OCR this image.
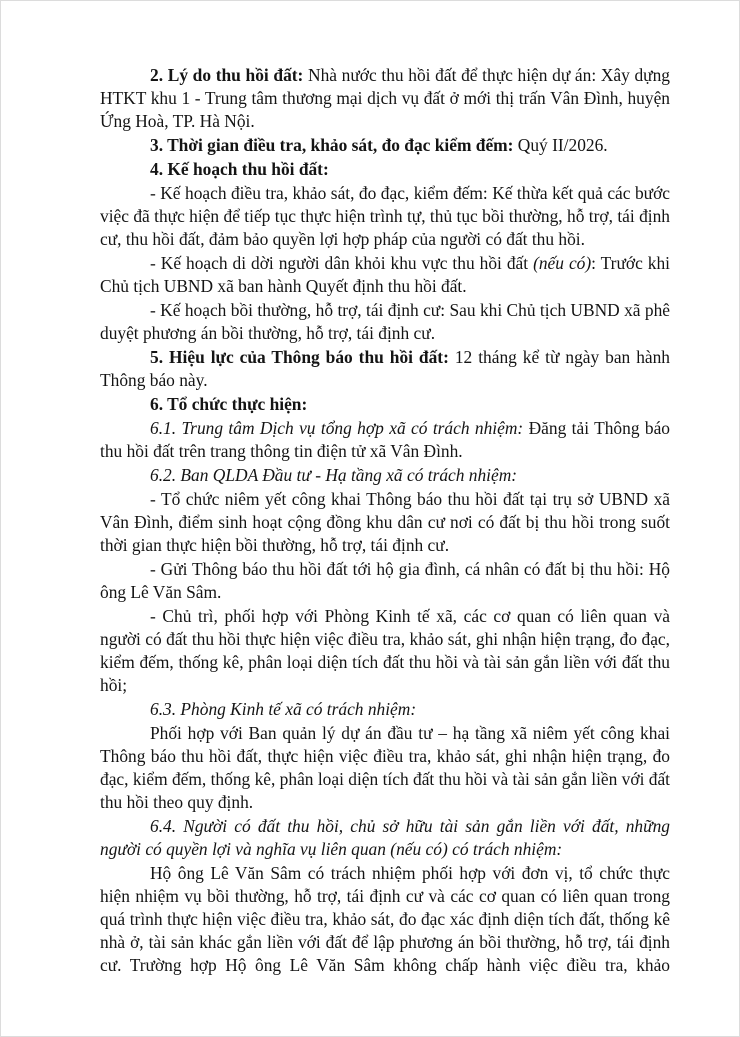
2. Lý do thu hồi đất: Nhà nước thu hồi đất để thực hiện dự án: Xây dựng HTKT khu 1 - Trung tâm thương mại dịch vụ đất ở mới thị trấn Vân Đình, huyện Ứng Hoà, TP. Hà Nội.

3. Thời gian điều tra, khảo sát, đo đạc kiểm đếm: Quý II/2026.

4. Kế hoạch thu hồi đất:

- Kế hoạch điều tra, khảo sát, đo đạc, kiểm đếm: Kế thừa kết quả các bước việc đã thực hiện để tiếp tục thực hiện trình tự, thủ tục bồi thường, hỗ trợ, tái định cư, thu hồi đất, đảm bảo quyền lợi hợp pháp của người có đất thu hồi.

- Kế hoạch di dời người dân khỏi khu vực thu hồi đất (nếu có): Trước khi Chủ tịch UBND xã ban hành Quyết định thu hồi đất.

- Kế hoạch bồi thường, hỗ trợ, tái định cư: Sau khi Chủ tịch UBND xã phê duyệt phương án bồi thường, hỗ trợ, tái định cư.

5. Hiệu lực của Thông báo thu hồi đất: 12 tháng kể từ ngày ban hành Thông báo này.

6. Tổ chức thực hiện:

6.1. Trung tâm Dịch vụ tổng hợp xã có trách nhiệm: Đăng tải Thông báo thu hồi đất trên trang thông tin điện tử xã Vân Đình.

6.2. Ban QLDA Đầu tư - Hạ tầng xã có trách nhiệm:

- Tổ chức niêm yết công khai Thông báo thu hồi đất tại trụ sở UBND xã Vân Đình, điểm sinh hoạt cộng đồng khu dân cư nơi có đất bị thu hồi trong suốt thời gian thực hiện bồi thường, hỗ trợ, tái định cư.

- Gửi Thông báo thu hồi đất tới hộ gia đình, cá nhân có đất bị thu hồi: Hộ ông Lê Văn Sâm.

- Chủ trì, phối hợp với Phòng Kinh tế xã, các cơ quan có liên quan và người có đất thu hồi thực hiện việc điều tra, khảo sát, ghi nhận hiện trạng, đo đạc, kiểm đếm, thống kê, phân loại diện tích đất thu hồi và tài sản gắn liền với đất thu hồi;

6.3. Phòng Kinh tế xã có trách nhiệm:

Phối hợp với Ban quản lý dự án đầu tư – hạ tầng xã niêm yết công khai Thông báo thu hồi đất, thực hiện việc điều tra, khảo sát, ghi nhận hiện trạng, đo đạc, kiểm đếm, thống kê, phân loại diện tích đất thu hồi và tài sản gắn liền với đất thu hồi theo quy định.

6.4. Người có đất thu hồi, chủ sở hữu tài sản gắn liền với đất, những người có quyền lợi và nghĩa vụ liên quan (nếu có) có trách nhiệm:

Hộ ông Lê Văn Sâm có trách nhiệm phối hợp với đơn vị, tổ chức thực hiện nhiệm vụ bồi thường, hỗ trợ, tái định cư và các cơ quan có liên quan trong quá trình thực hiện việc điều tra, khảo sát, đo đạc xác định diện tích đất, thống kê nhà ở, tài sản khác gắn liền với đất để lập phương án bồi thường, hỗ trợ, tái định cư. Trường hợp Hộ ông Lê Văn Sâm không chấp hành việc điều tra, khảo
